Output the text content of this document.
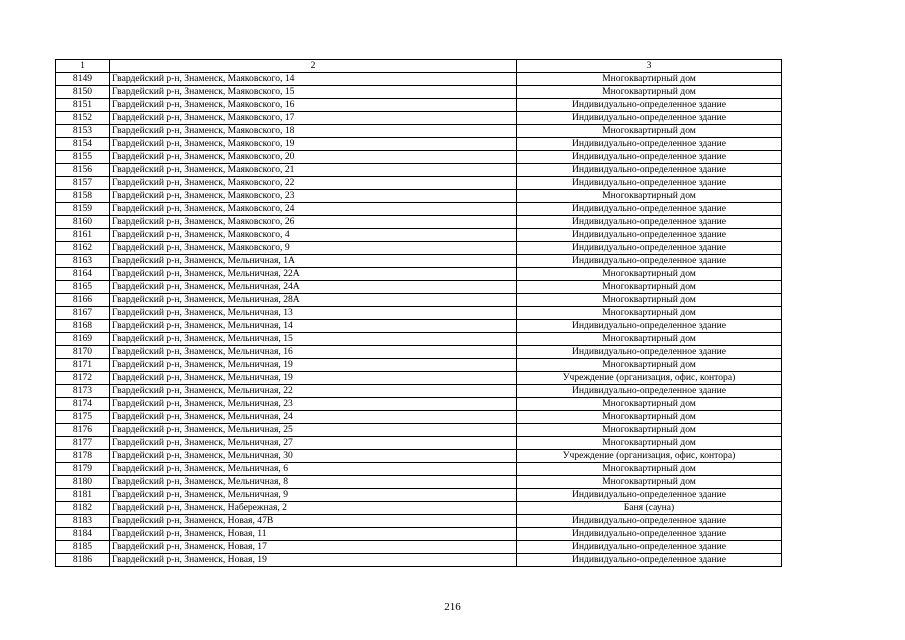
1	2	3
8149	Гвардейский р-н, Знаменск, Маяковского, 14	Многоквартирный дом
8150	Гвардейский р-н, Знаменск, Маяковского, 15	Многоквартирный дом
8151	Гвардейский р-н, Знаменск, Маяковского, 16	Индивидуально-определенное здание
8152	Гвардейский р-н, Знаменск, Маяковского, 17	Индивидуально-определенное здание
8153	Гвардейский р-н, Знаменск, Маяковского, 18	Многоквартирный дом
8154	Гвардейский р-н, Знаменск, Маяковского, 19	Индивидуально-определенное здание
8155	Гвардейский р-н, Знаменск, Маяковского, 20	Индивидуально-определенное здание
8156	Гвардейский р-н, Знаменск, Маяковского, 21	Индивидуально-определенное здание
8157	Гвардейский р-н, Знаменск, Маяковского, 22	Индивидуально-определенное здание
8158	Гвардейский р-н, Знаменск, Маяковского, 23	Многоквартирный дом
8159	Гвардейский р-н, Знаменск, Маяковского, 24	Индивидуально-определенное здание
8160	Гвардейский р-н, Знаменск, Маяковского, 26	Индивидуально-определенное здание
8161	Гвардейский р-н, Знаменск, Маяковского, 4	Индивидуально-определенное здание
8162	Гвардейский р-н, Знаменск, Маяковского, 9	Индивидуально-определенное здание
8163	Гвардейский р-н, Знаменск, Мельничная, 1А	Индивидуально-определенное здание
8164	Гвардейский р-н, Знаменск, Мельничная, 22А	Многоквартирный дом
8165	Гвардейский р-н, Знаменск, Мельничная, 24А	Многоквартирный дом
8166	Гвардейский р-н, Знаменск, Мельничная, 28А	Многоквартирный дом
8167	Гвардейский р-н, Знаменск, Мельничная, 13	Многоквартирный дом
8168	Гвардейский р-н, Знаменск, Мельничная, 14	Индивидуально-определенное здание
8169	Гвардейский р-н, Знаменск, Мельничная, 15	Многоквартирный дом
8170	Гвардейский р-н, Знаменск, Мельничная, 16	Индивидуально-определенное здание
8171	Гвардейский р-н, Знаменск, Мельничная, 19	Многоквартирный дом
8172	Гвардейский р-н, Знаменск, Мельничная, 19	Учреждение (организация, офис, контора)
8173	Гвардейский р-н, Знаменск, Мельничная, 22	Индивидуально-определенное здание
8174	Гвардейский р-н, Знаменск, Мельничная, 23	Многоквартирный дом
8175	Гвардейский р-н, Знаменск, Мельничная, 24	Многоквартирный дом
8176	Гвардейский р-н, Знаменск, Мельничная, 25	Многоквартирный дом
8177	Гвардейский р-н, Знаменск, Мельничная, 27	Многоквартирный дом
8178	Гвардейский р-н, Знаменск, Мельничная, 30	Учреждение (организация, офис, контора)
8179	Гвардейский р-н, Знаменск, Мельничная, 6	Многоквартирный дом
8180	Гвардейский р-н, Знаменск, Мельничная, 8	Многоквартирный дом
8181	Гвардейский р-н, Знаменск, Мельничная, 9	Индивидуально-определенное здание
8182	Гвардейский р-н, Знаменск, Набережная, 2	Баня (сауна)
8183	Гвардейский р-н, Знаменск, Новая, 47В	Индивидуально-определенное здание
8184	Гвардейский р-н, Знаменск, Новая, 11	Индивидуально-определенное здание
8185	Гвардейский р-н, Знаменск, Новая, 17	Индивидуально-определенное здание
8186	Гвардейский р-н, Знаменск, Новая, 19	Индивидуально-определенное здание
216
